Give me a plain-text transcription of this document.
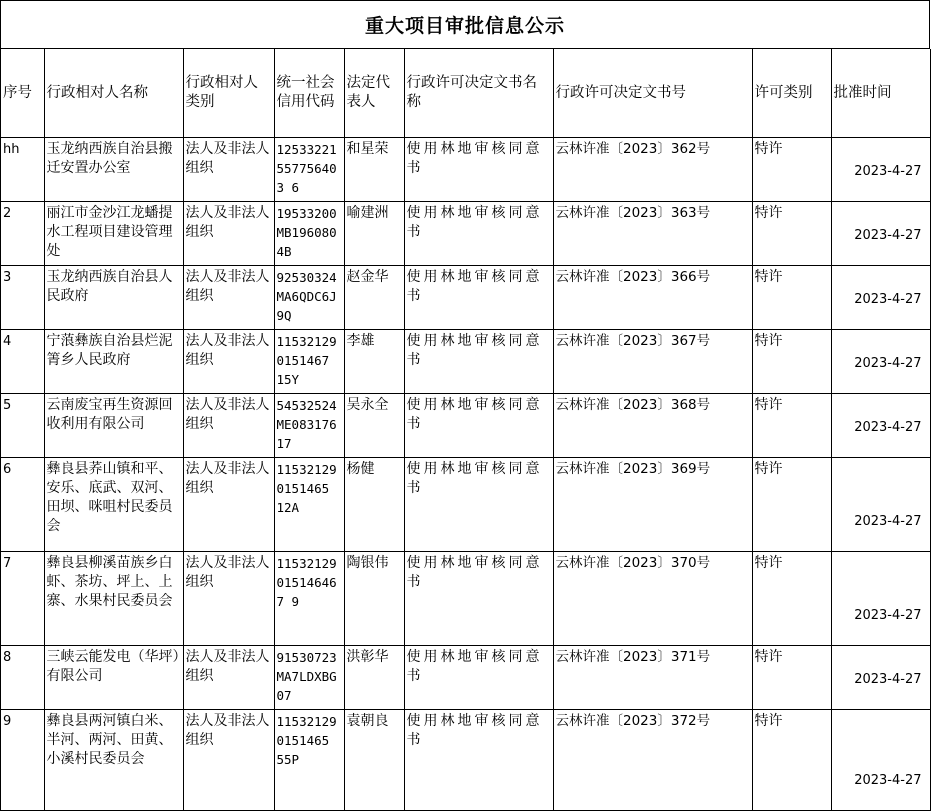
重大项目审批信息公示
序号	行政相对人名称	行政相对人类别	统一社会信用代码	法定代表人	行政许可决定文书名称	行政许可决定文书号	许可类别	批准时间
hh	玉龙纳西族自治县搬迁安置办公室	法人及非法人组织	12533221557756403 6	和星荣	使用林地审核同意书	云林许准〔2023〕362号	特许	2023-4-27
2	丽江市金沙江龙蟠提水工程项目建设管理处	法人及非法人组织	19533200MB1960804B	喻建洲	使用林地审核同意书	云林许准〔2023〕363号	特许	2023-4-27
3	玉龙纳西族自治县人民政府	法人及非法人组织	92530324MA6QDC6J9Q	赵金华	使用林地审核同意书	云林许准〔2023〕366号	特许	2023-4-27
4	宁蒗彝族自治县烂泥箐乡人民政府	法人及非法人组织	115321290151467 15Y	李雄	使用林地审核同意书	云林许准〔2023〕367号	特许	2023-4-27
5	云南废宝再生资源回收利用有限公司	法人及非法人组织	54532524ME08317617	吴永全	使用林地审核同意书	云林许准〔2023〕368号	特许	2023-4-27
6	彝良县荞山镇和平、安乐、底武、双河、田坝、咪咀村民委员会	法人及非法人组织	115321290151465 12A	杨健	使用林地审核同意书	云林许准〔2023〕369号	特许	2023-4-27
7	彝良县柳溪苗族乡白虾、茶坊、坪上、上寨、水果村民委员会	法人及非法人组织	11532129015146467 9	陶银伟	使用林地审核同意书	云林许准〔2023〕370号	特许	2023-4-27
8	三峡云能发电（华坪）有限公司	法人及非法人组织	91530723MA7LDXBG07	洪彰华	使用林地审核同意书	云林许准〔2023〕371号	特许	2023-4-27
9	彝良县两河镇白米、半河、两河、田黄、小溪村民委员会	法人及非法人组织	115321290151465 55P	袁朝良	使用林地审核同意书	云林许准〔2023〕372号	特许	2023-4-27
